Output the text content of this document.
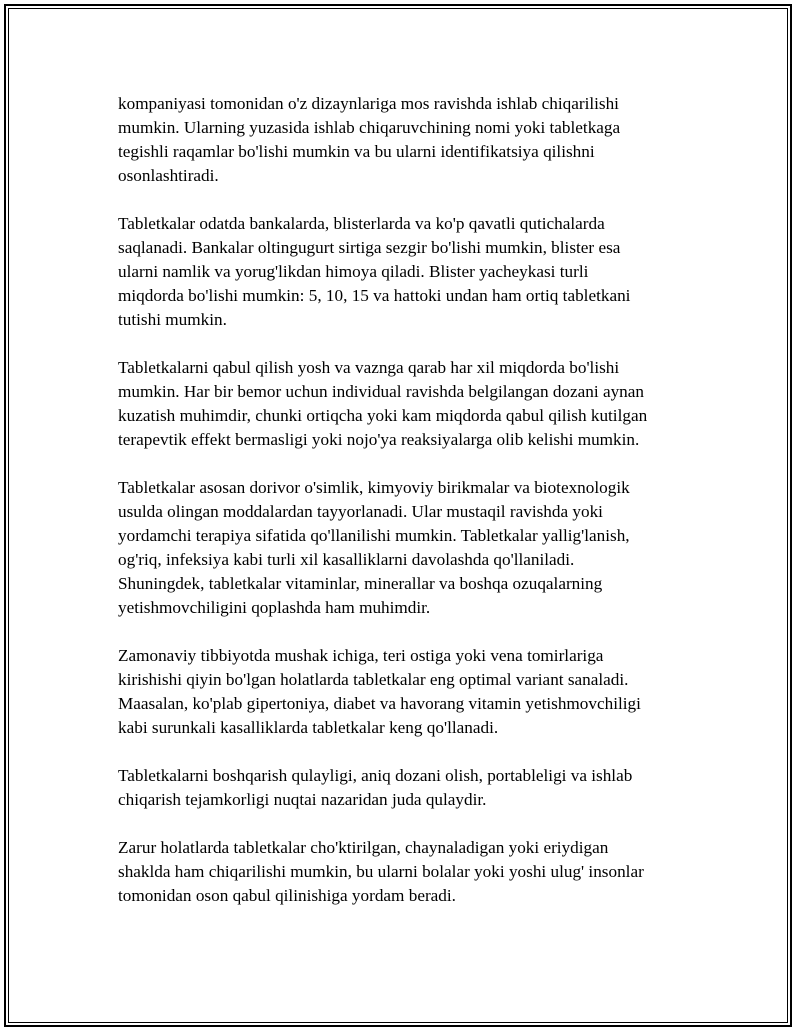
kompaniyasi tomonidan o'z dizaynlariga mos ravishda ishlab chiqarilishi
mumkin. Ularning yuzasida ishlab chiqaruvchining nomi yoki tabletkaga
tegishli raqamlar bo'lishi mumkin va bu ularni identifikatsiya qilishni
osonlashtiradi.

Tabletkalar odatda bankalarda, blisterlarda va ko'p qavatli qutichalarda
saqlanadi. Bankalar oltingugurt sirtiga sezgir bo'lishi mumkin, blister esa
ularni namlik va yorug'likdan himoya qiladi. Blister yacheykasi turli
miqdorda bo'lishi mumkin: 5, 10, 15 va hattoki undan ham ortiq tabletkani
tutishi mumkin.

Tabletkalarni qabul qilish yosh va vaznga qarab har xil miqdorda bo'lishi
mumkin. Har bir bemor uchun individual ravishda belgilangan dozani aynan
kuzatish muhimdir, chunki ortiqcha yoki kam miqdorda qabul qilish kutilgan
terapevtik effekt bermasligi yoki nojo'ya reaksiyalarga olib kelishi mumkin.

Tabletkalar asosan dorivor o'simlik, kimyoviy birikmalar va biotexnologik
usulda olingan moddalardan tayyorlanadi. Ular mustaqil ravishda yoki
yordamchi terapiya sifatida qo'llanilishi mumkin. Tabletkalar yallig'lanish,
og'riq, infeksiya kabi turli xil kasalliklarni davolashda qo'llaniladi.
Shuningdek, tabletkalar vitaminlar, minerallar va boshqa ozuqalarning
yetishmovchiligini qoplashda ham muhimdir.

Zamonaviy tibbiyotda mushak ichiga, teri ostiga yoki vena tomirlariga
kirishishi qiyin bo'lgan holatlarda tabletkalar eng optimal variant sanaladi.
Maasalan, ko'plab gipertoniya, diabet va havorang vitamin yetishmovchiligi
kabi surunkali kasalliklarda tabletkalar keng qo'llanadi.

Tabletkalarni boshqarish qulayligi, aniq dozani olish, portableligi va ishlab
chiqarish tejamkorligi nuqtai nazaridan juda qulaydir.

Zarur holatlarda tabletkalar cho'ktirilgan, chaynaladigan yoki eriydigan
shaklda ham chiqarilishi mumkin, bu ularni bolalar yoki yoshi ulug' insonlar
tomonidan oson qabul qilinishiga yordam beradi.
